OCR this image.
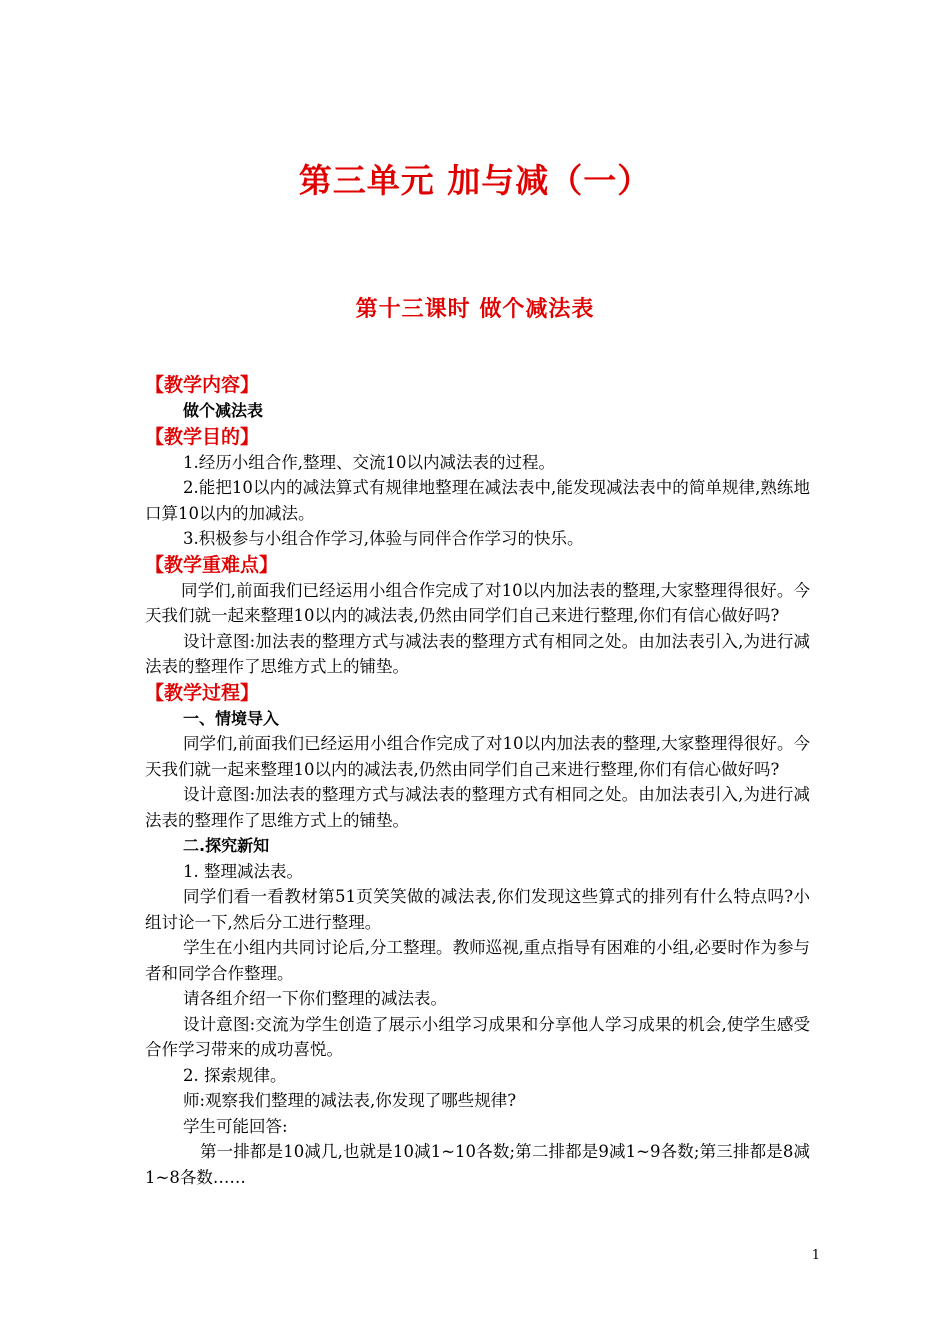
第三单元 加与减（一）
第十三课时 做个减法表

【教学内容】

做个减法表

【教学目的】

1.经历小组合作,整理、交流10以内减法表的过程。

2.能把10以内的减法算式有规律地整理在减法表中,能发现减法表中的简单规律,熟练地口算10以内的加减法。

3.积极参与小组合作学习,体验与同伴合作学习的快乐。

【教学重难点】

同学们,前面我们已经运用小组合作完成了对10以内加法表的整理,大家整理得很好。今天我们就一起来整理10以内的减法表,仍然由同学们自己来进行整理,你们有信心做好吗?

设计意图:加法表的整理方式与减法表的整理方式有相同之处。由加法表引入,为进行减法表的整理作了思维方式上的铺垫。

【教学过程】

一、情境导入

同学们,前面我们已经运用小组合作完成了对10以内加法表的整理,大家整理得很好。今天我们就一起来整理10以内的减法表,仍然由同学们自己来进行整理,你们有信心做好吗?

设计意图:加法表的整理方式与减法表的整理方式有相同之处。由加法表引入,为进行减法表的整理作了思维方式上的铺垫。

二.探究新知

1. 整理减法表。

同学们看一看教材第51页笑笑做的减法表,你们发现这些算式的排列有什么特点吗?小组讨论一下,然后分工进行整理。

学生在小组内共同讨论后,分工整理。教师巡视,重点指导有困难的小组,必要时作为参与者和同学合作整理。

请各组介绍一下你们整理的减法表。

设计意图:交流为学生创造了展示小组学习成果和分享他人学习成果的机会,使学生感受合作学习带来的成功喜悦。

2. 探索规律。

师:观察我们整理的减法表,你发现了哪些规律?

学生可能回答:

第一排都是10减几,也就是10减1~10各数;第二排都是9减1~9各数;第三排都是8减1~8各数……

1
